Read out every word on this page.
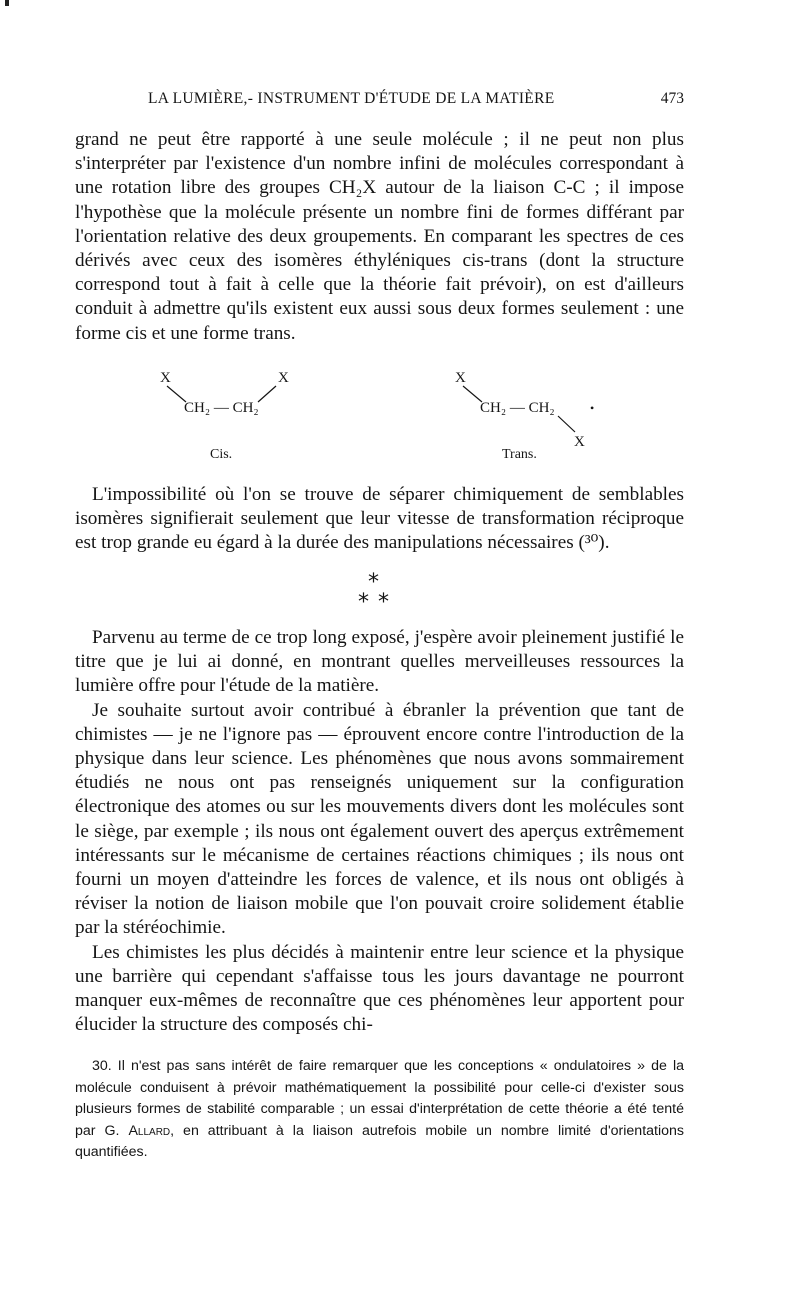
LA LUMIÈRE,‑ INSTRUMENT D'ÉTUDE DE LA MATIÈRE	473

grand ne peut être rapporté à une seule molécule ; il ne peut non plus s'interpréter par l'existence d'un nombre infini de molécules correspondant à une rotation libre des groupes CH₂X autour de la liaison C-C ; il impose l'hypothèse que la molécule présente un nombre fini de formes différant par l'orientation relative des deux groupements. En comparant les spectres de ces dérivés avec ceux des isomères éthyléniques cis-trans (dont la structure correspond tout à fait à celle que la théorie fait prévoir), on est d'ailleurs conduit à admettre qu'ils existent eux aussi sous deux formes seulement : une forme cis et une forme trans.

X	X
CH₂ — CH₂
Cis.
X
CH₂ — CH₂	•
X
Trans.

L'impossibilité où l'on se trouve de séparer chimiquement de semblables isomères signifierait seulement que leur vitesse de transformation réciproque est trop grande eu égard à la durée des manipulations nécessaires (³⁰).

*
* *

Parvenu au terme de ce trop long exposé, j'espère avoir pleinement justifié le titre que je lui ai donné, en montrant quelles merveilleuses ressources la lumière offre pour l'étude de la matière.

Je souhaite surtout avoir contribué à ébranler la prévention que tant de chimistes — je ne l'ignore pas — éprouvent encore contre l'introduction de la physique dans leur science. Les phénomènes que nous avons sommairement étudiés ne nous ont pas renseignés uniquement sur la configuration électronique des atomes ou sur les mouvements divers dont les molécules sont le siège, par exemple ; ils nous ont également ouvert des aperçus extrêmement intéressants sur le mécanisme de certaines réactions chimiques ; ils nous ont fourni un moyen d'atteindre les forces de valence, et ils nous ont obligés à réviser la notion de liaison mobile que l'on pouvait croire solidement établie par la stéréochimie.

Les chimistes les plus décidés à maintenir entre leur science et la physique une barrière qui cependant s'affaisse tous les jours davantage ne pourront manquer eux-mêmes de reconnaître que ces phénomènes leur apportent pour élucider la structure des composés chi-

30. Il n'est pas sans intérêt de faire remarquer que les conceptions « ondulatoires » de la molécule conduisent à prévoir mathématiquement la possibilité pour celle-ci d'exister sous plusieurs formes de stabilité comparable ; un essai d'interprétation de cette théorie a été tenté par G. Allard, en attribuant à la liaison autrefois mobile un nombre limité d'orientations quantifiées.
